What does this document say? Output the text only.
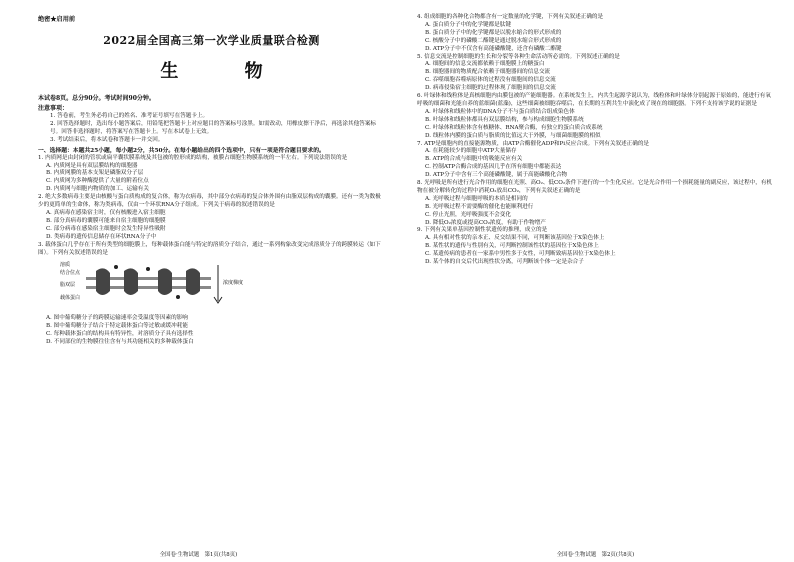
绝密★启用前

2022届全国高三第一次学业质量联合检测

生 物

本试卷8页。总分90分。考试时间90分钟。

注意事项：

1. 答卷前，考生务必将自己的姓名、准考证号填写在答题卡上。

2. 回答选择题时，选出每小题答案后，用铅笔把答题卡上对应题目的答案标号涂黑。如需改动，用橡皮擦干净后，再选涂其他答案标号。回答非选择题时，将答案写在答题卡上。写在本试卷上无效。

3. 考试结束后，将本试卷和答题卡一并交回。

一、选择题：本题共25小题，每小题2分，共50分。在每小题给出的四个选项中，只有一项是符合题目要求的。

1. 内质网是由封闭的管状或扁平囊状膜系统及其包被的腔形成的结构，被膜占细胞生物膜系统的一半左右。下列说法错误的是

A. 内质网是具有双层膜结构的细胞器

B. 内质网膜的基本支架是磷脂双分子层

C. 内质网为多种酶提供了大量的附着位点

D. 内质网与细胞内物质的加工、运输有关

2. 绝大多数病毒主要是由核酸与蛋白质构成的复合体，称为衣病毒，其中部分衣病毒的复合体外围有由脂双层构成的囊膜。还有一类为数极少的更简单的生命体，称为类病毒，仅由一个环状RNA分子组成。下列关于病毒的叙述错误的是

A. 真病毒在感染宿主时，仅有核酸进入宿主细胞

B. 部分真病毒的囊膜可能来自宿主细胞的细胞膜

C. 部分病毒在感染宿主细胞时会发生特异性吸附

D. 类病毒的遗传信息储存在环状RNA分子中

3. 载体蛋白几乎存在于所有类型的细胞膜上，每种载体蛋白能与特定的溶质分子结合，通过一系列构象改变完成溶质分子的跨膜转运（如下图）。下列有关叙述错误的是

溶质
结合位点
脂双层
载体蛋白
浓度梯度

A. 图中葡萄糖分子的跨膜运输速率会受温度等因素的影响

B. 图中葡萄糖分子结合于特定载体蛋白等过敏或缓冲耗能

C. 每种载体蛋白的结构具有特异性，对溶质分子具有选择性

D. 不同部位的生物膜往往含有与其功能相关的多种载体蛋白

全国卷·生物试题　第1页(共8页)

4. 组成细胞的各种化合物都含有一定数量的化学键，下列有关叙述正确的是

A. 蛋白质分子中的化学键都是肽键

B. 蛋白质分子中的化学键都是以脱水缩合的形式形成的

C. 核酸分子中的磷酸二酯键是通过脱水缩合形式形成的

D. ATP分子中不仅含有高能磷酸键，还含有磷酸二酯键

5. 信息交流是控制细胞的生长和分裂等各种生命活动所必需的。下列叙述正确的是

A. 细胞间的信息交流都依赖于细胞膜上的糖蛋白

B. 细胞器间的物质配合依赖于细胞器间的信息交流

C. 吞噬细胞吞噬病原体的过程没有细胞间的信息交流

D. 病毒侵染宿主细胞的过程体现了细胞间的信息交流

6. 叶绿体和线粒体是真核细胞内由膜包被的产能细胞器。在系统发生上，内共生起源学说认为，线粒体和叶绿体分别起源于原始的，能进行有氧呼吸的细菌和光能自养的蓝细菌(蓝藻)，这些细菌被细胞吞噬后，在长期的互利共生中演化成了现在的细胞器。下列不支持该学说的证据是

A. 叶绿体和线粒体中的DNA分子不与蛋白质结合组成染色体

B. 叶绿体和线粒体都具有双层膜结构，参与构成细胞生物膜系统

C. 叶绿体和线粒体含有核糖体、RNA聚合酶，有独立的蛋白质合成系统

D. 线粒体内膜的蛋白质与脂质的比值远大于外膜，与细菌细胞膜的相似

7. ATP是细胞内的直接能源物质，由ATP合酶催化ADP和Pi反应合成。下列有关叙述正确的是

A. 在耗能较少的细胞中ATP大量储存

B. ATP的合成与细胞中的吸能反应有关

C. 控制ATP合酶合成的基因几乎在所有细胞中都能表达

D. ATP分子中含有三个高能磷酸键，属于高能磷酸化合物

8. 光呼吸是所有进行光合作用的细胞在光照、高O₂、低CO₂条件下进行的一个生化反应。它是光合作用一个损耗能量的副反应，该过程中，有机物在被分解转化的过程中消耗O₂放出CO₂，下列有关叙述正确的是

A. 光呼吸过程与细胞呼吸的本质是相同的

B. 光呼吸过程不需要酶的催化也能顺利进行

C. 停止光照，光呼吸强度不会变化

D. 降低O₂浓度或提高CO₂浓度，有助于作物增产

9. 下列有关果单基因控制性状遗传的推理，成立的是

A. 具有相对性状的亲本正、反交结果不同，可判断该基因位于X染色体上

B. 某性状的遗传与性别有关，可判断控制该性状的基因位于X染色体上

C. 某遗传病的患者在一家系中男性多于女性，可判断致病基因位于X染色体上

D. 某个体的自交后代出现性状分离，可判断该个体一定是杂合子

全国卷·生物试题　第2页(共8页)
